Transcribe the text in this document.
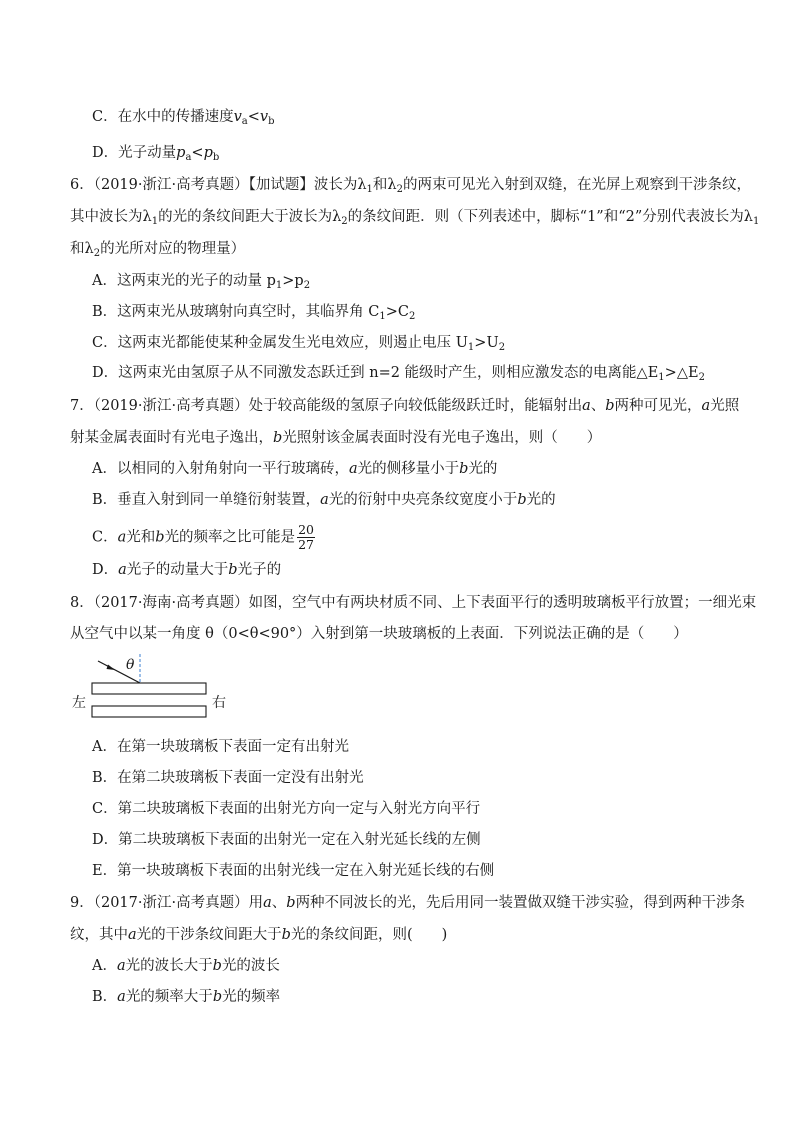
C．在水中的传播速度$v_a<v_b$
D．光子动量$p_a<p_b$
6．（2019·浙江·高考真题）【加试题】波长为$\lambda_1$和$\lambda_2$的两束可见光入射到双缝，在光屏上观察到干涉条纹，
其中波长为$\lambda_1$的光的条纹间距大于波长为$\lambda_2$的条纹间距．则（下列表述中，脚标“1”和“2”分别代表波长为$\lambda_1$
和$\lambda_2$的光所对应的物理量）
A．这两束光的光子的动量 $p_1>p_2$
B．这两束光从玻璃射向真空时，其临界角 $C_1>C_2$
C．这两束光都能使某种金属发生光电效应，则遏止电压 $U_1>U_2$
D．这两束光由氢原子从不同激发态跃迁到 n=2 能级时产生，则相应激发态的电离能$\triangle E_1>\triangle E_2$
7．（2019·浙江·高考真题）处于较高能级的氢原子向较低能级跃迁时，能辐射出a、b两种可见光，a光照
射某金属表面时有光电子逸出，b光照射该金属表面时没有光电子逸出，则（　　）
A．以相同的入射角射向一平行玻璃砖，a光的侧移量小于b光的
B．垂直入射到同一单缝衍射装置，a光的衍射中央亮条纹宽度小于b光的
C．a光和b光的频率之比可能是 $\frac{20}{27}$
D．a光子的动量大于b光子的
8．（2017·海南·高考真题）如图，空气中有两块材质不同、上下表面平行的透明玻璃板平行放置；一细光束
从空气中以某一角度 θ（0<θ<90°）入射到第一块玻璃板的上表面．下列说法正确的是（　　）
θ
左	右
A．在第一块玻璃板下表面一定有出射光
B．在第二块玻璃板下表面一定没有出射光
C．第二块玻璃板下表面的出射光方向一定与入射光方向平行
D．第二块玻璃板下表面的出射光一定在入射光延长线的左侧
E．第一块玻璃板下表面的出射光线一定在入射光延长线的右侧
9．（2017·浙江·高考真题）用a、b两种不同波长的光，先后用同一装置做双缝干涉实验，得到两种干涉条
纹，其中a光的干涉条纹间距大于b光的条纹间距，则(　　)
A．a光的波长大于b光的波长
B．a光的频率大于b光的频率
